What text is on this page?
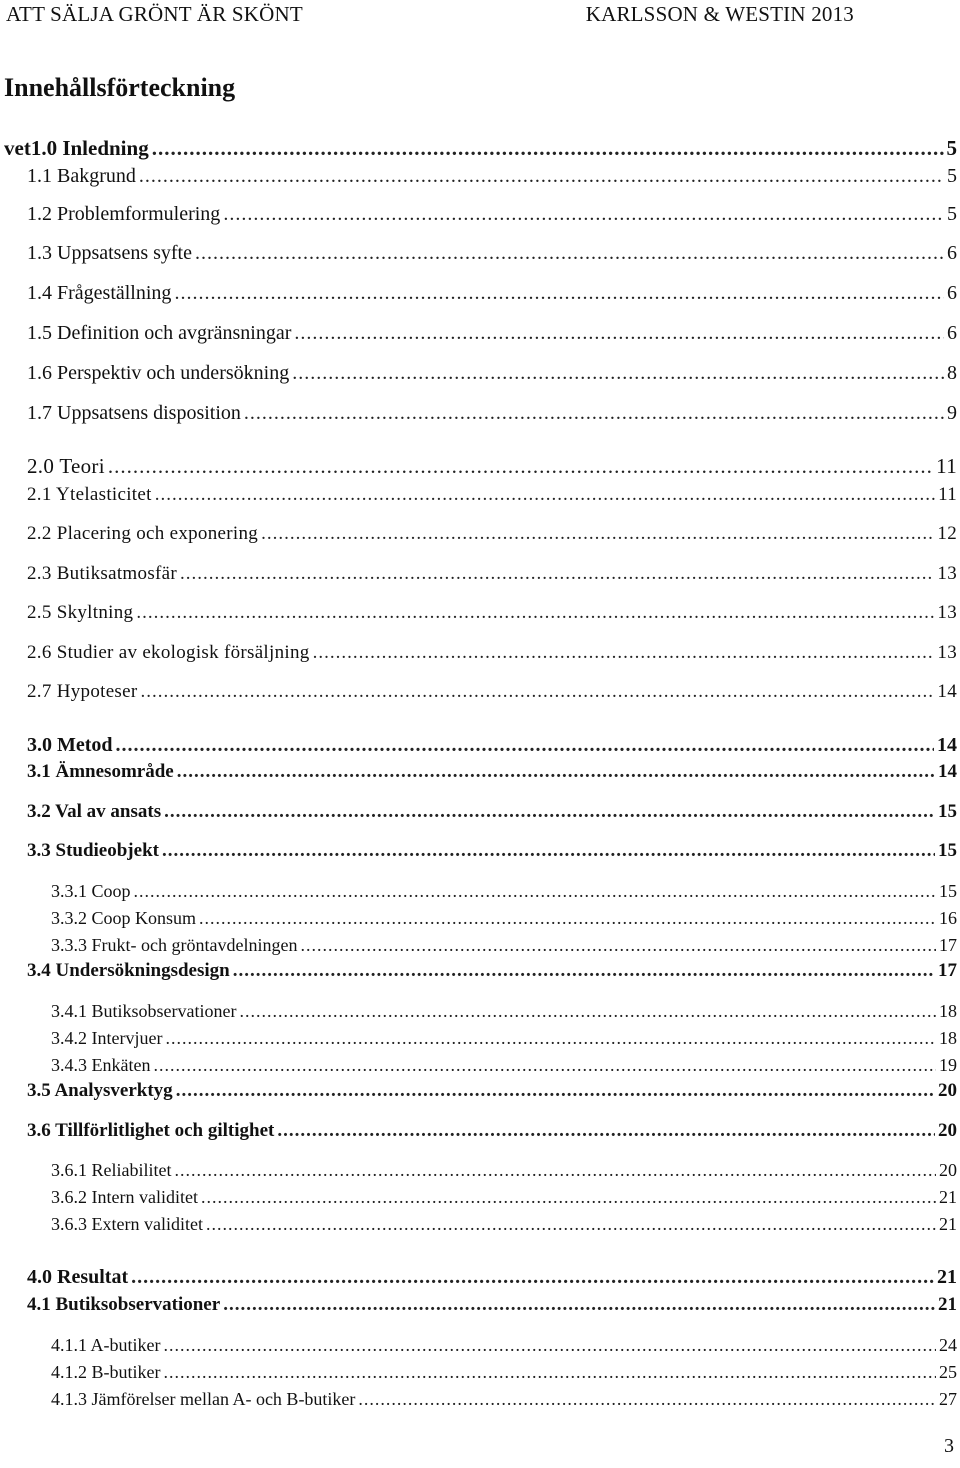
ATT SÄLJA GRÖNT ÄR SKÖNT	KARLSSON & WESTIN 2013
Innehållsförteckning
vet1.0 Inledning .....	5
1.1 Bakgrund .....	5
1.2 Problemformulering .....	5
1.3 Uppsatsens syfte .....	6
1.4 Frågeställning .....	6
1.5 Definition och avgränsningar .....	6
1.6 Perspektiv och undersökning .....	8
1.7 Uppsatsens disposition .....	9
2.0 Teori .....	11
2.1 Ytelasticitet .....	11
2.2 Placering och exponering .....	12
2.3 Butiksatmosfär .....	13
2.5 Skyltning .....	13
2.6 Studier av ekologisk försäljning .....	13
2.7 Hypoteser .....	14
3.0 Metod .....	14
3.1 Ämnesområde .....	14
3.2 Val av ansats .....	15
3.3 Studieobjekt .....	15
3.3.1 Coop .....	15
3.3.2 Coop Konsum .....	16
3.3.3 Frukt- och gröntavdelningen .....	17
3.4 Undersökningsdesign .....	17
3.4.1 Butiksobservationer .....	18
3.4.2 Intervjuer .....	18
3.4.3 Enkäten .....	19
3.5 Analysverktyg .....	20
3.6 Tillförlitlighet och giltighet .....	20
3.6.1 Reliabilitet .....	20
3.6.2 Intern validitet .....	21
3.6.3 Extern validitet .....	21
4.0 Resultat .....	21
4.1 Butiksobservationer .....	21
4.1.1 A-butiker .....	24
4.1.2 B-butiker .....	25
4.1.3 Jämförelser mellan A- och B-butiker .....	27
3
